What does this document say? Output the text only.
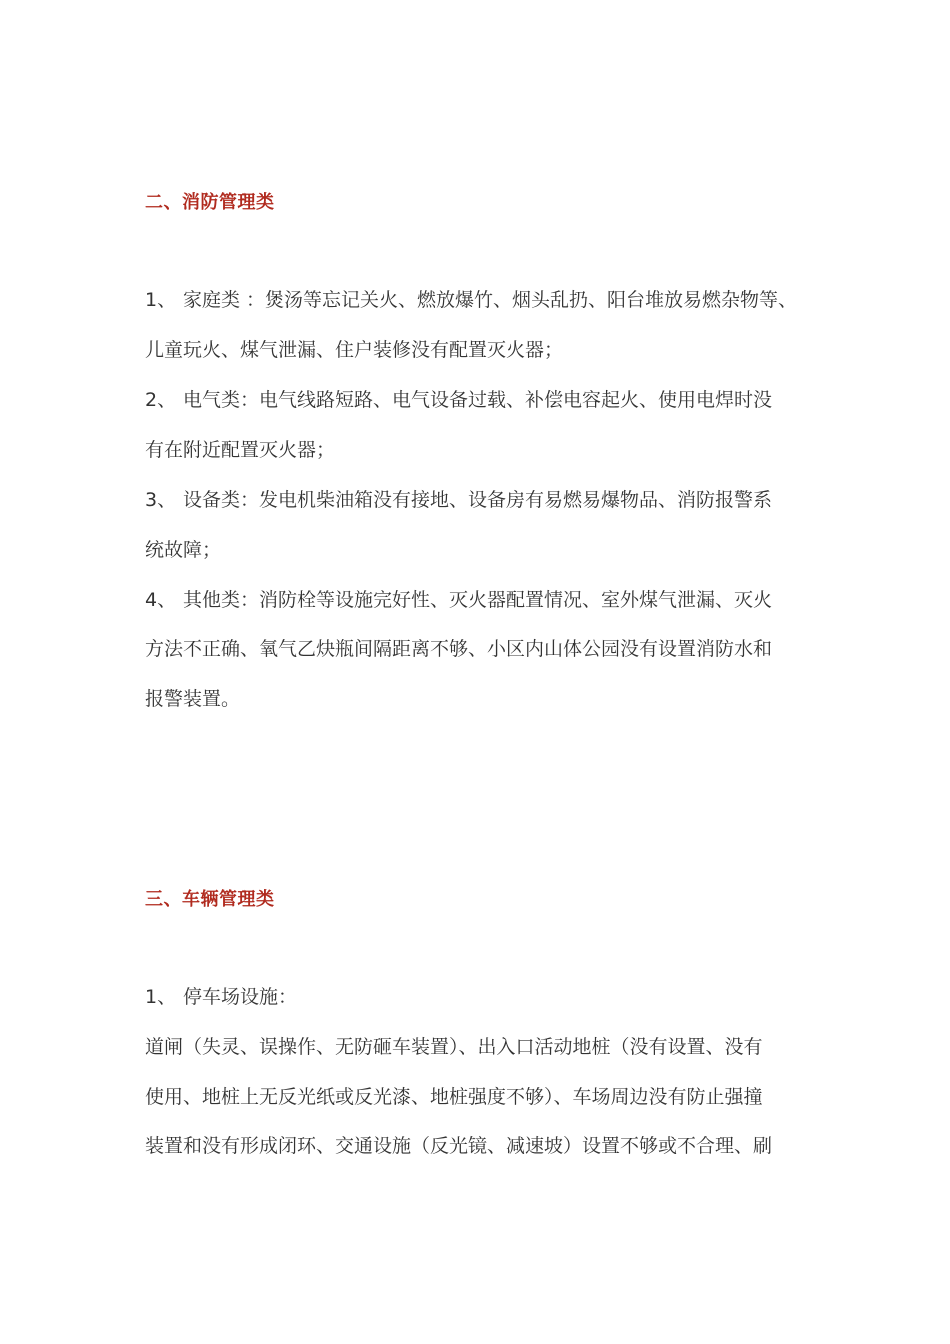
二、消防管理类
1、 家庭类 ：煲汤等忘记关火、燃放爆竹、烟头乱扔、阳台堆放易燃杂物等、
儿童玩火、煤气泄漏、住户装修没有配置灭火器；
2、 电气类：电气线路短路、电气设备过载、补偿电容起火、使用电焊时没
有在附近配置灭火器；
3、 设备类：发电机柴油箱没有接地、设备房有易燃易爆物品、消防报警系
统故障；
4、 其他类：消防栓等设施完好性、灭火器配置情况、室外煤气泄漏、灭火
方法不正确、氧气乙炔瓶间隔距离不够、小区内山体公园没有设置消防水和
报警装置。
三、车辆管理类
1、 停车场设施：
道闸（失灵、误操作、无防砸车装置）、出入口活动地桩（没有设置、没有
使用、地桩上无反光纸或反光漆、地桩强度不够）、车场周边没有防止强撞
装置和没有形成闭环、交通设施（反光镜、减速坡）设置不够或不合理、刷
